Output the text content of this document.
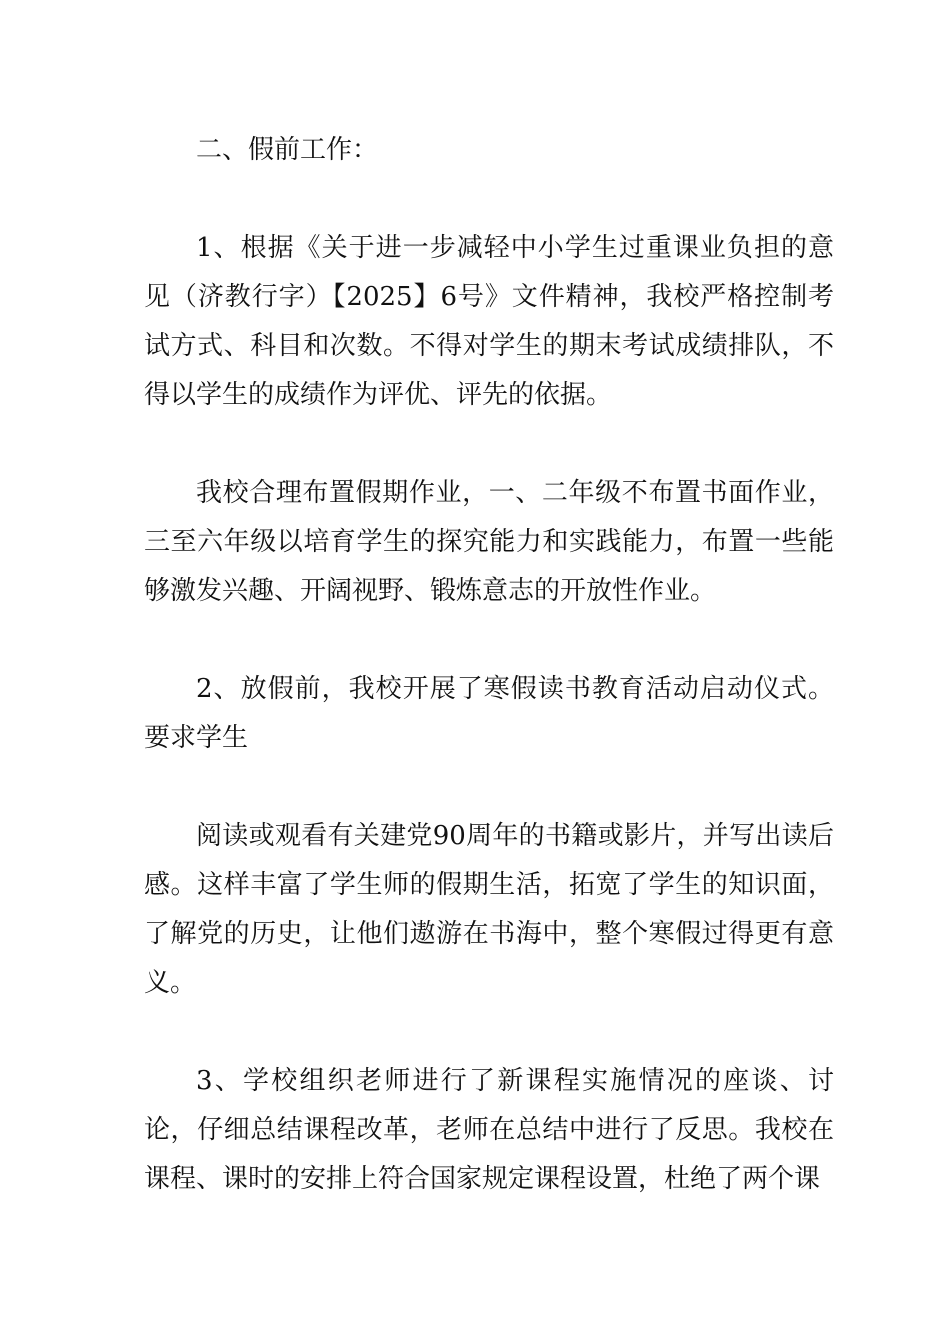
二、假前工作：

1、根据《关于进一步减轻中小学生过重课业负担的意见（济教行字）【2025】6号》文件精神，我校严格控制考试方式、科目和次数。不得对学生的期末考试成绩排队，不得以学生的成绩作为评优、评先的依据。

我校合理布置假期作业，一、二年级不布置书面作业，三至六年级以培育学生的探究能力和实践能力，布置一些能够激发兴趣、开阔视野、锻炼意志的开放性作业。

2、放假前，我校开展了寒假读书教育活动启动仪式。要求学生

阅读或观看有关建党90周年的书籍或影片，并写出读后感。这样丰富了学生师的假期生活，拓宽了学生的知识面，了解党的历史，让他们遨游在书海中，整个寒假过得更有意义。

3、学校组织老师进行了新课程实施情况的座谈、讨论，仔细总结课程改革，老师在总结中进行了反思。我校在课程、课时的安排上符合国家规定课程设置，杜绝了两个课
